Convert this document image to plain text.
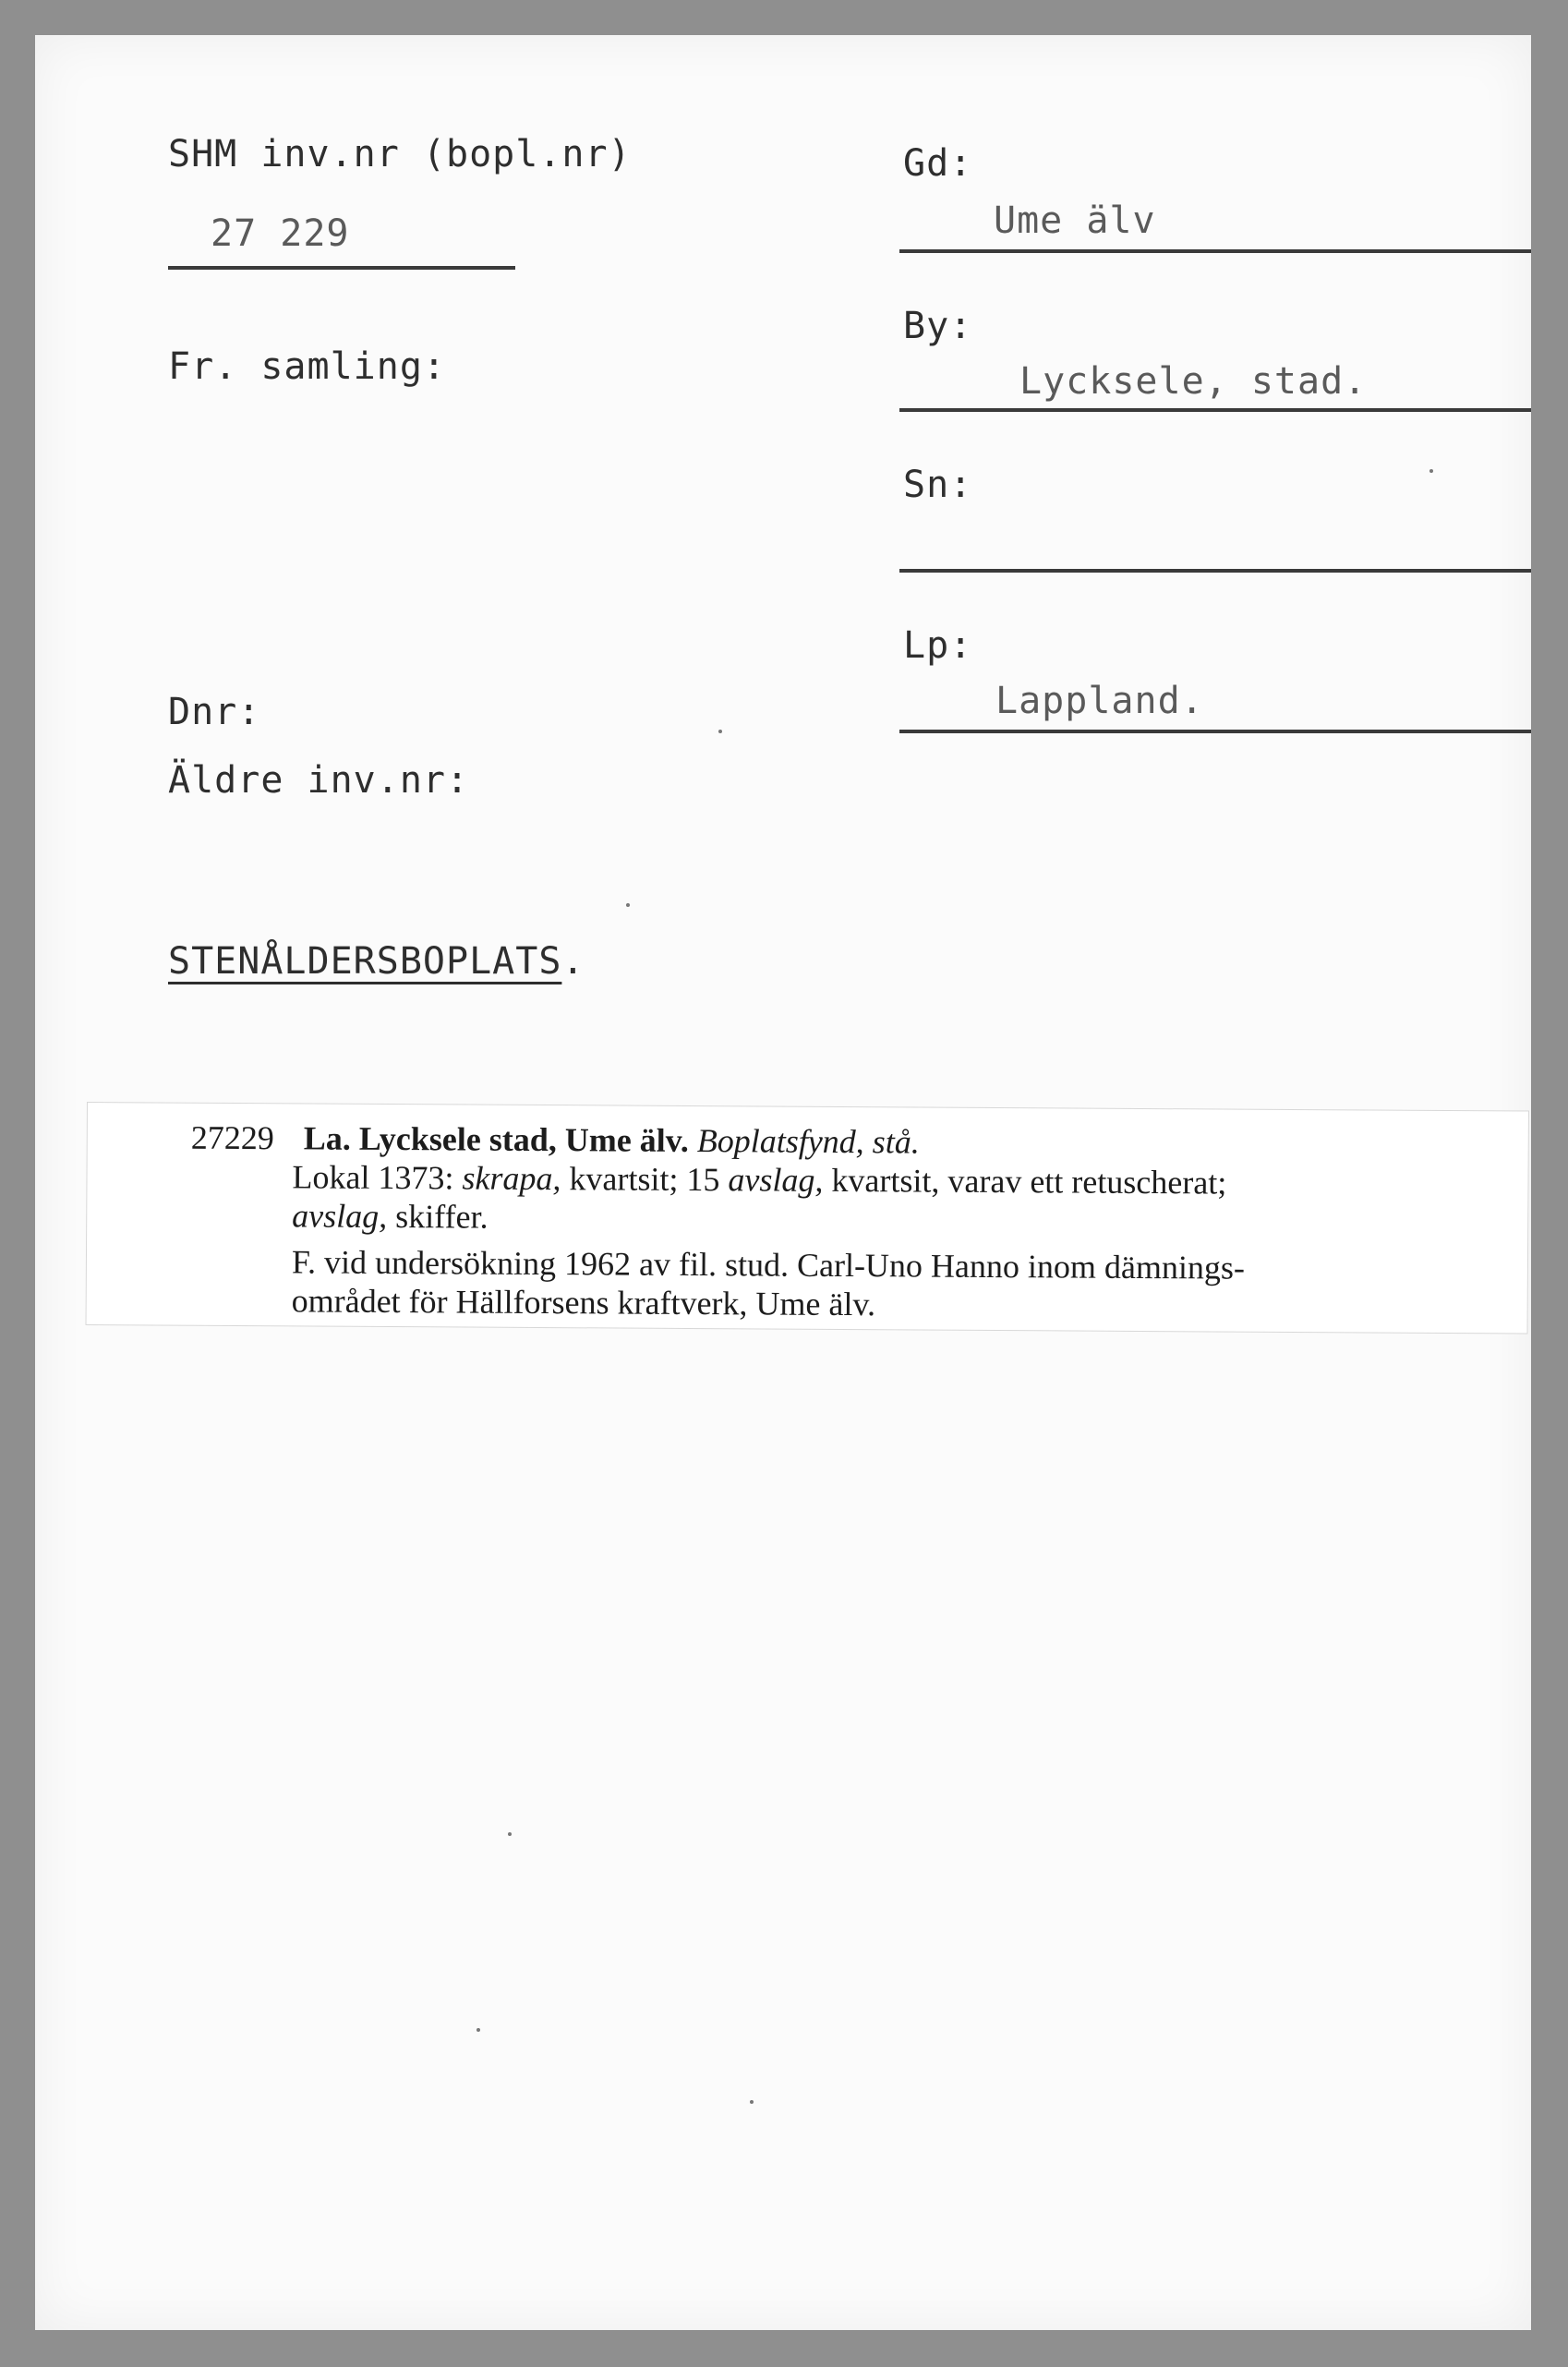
SHM inv.nr (bopl.nr)
27 229
Fr. samling:
Dnr:
Äldre inv.nr:
STENÅLDERSBOPLATS.
Gd:
Ume älv
By:
Lycksele, stad.
Sn:
Lp:
Lappland.
27229 La. Lycksele stad, Ume älv. Boplatsfynd, stå.
Lokal 1373: skrapa, kvartsit; 15 avslag, kvartsit, varav ett retuscherat;
avslag, skiffer.
F. vid undersökning 1962 av fil. stud. Carl-Uno Hanno inom dämnings-
området för Hällforsens kraftverk, Ume älv.
